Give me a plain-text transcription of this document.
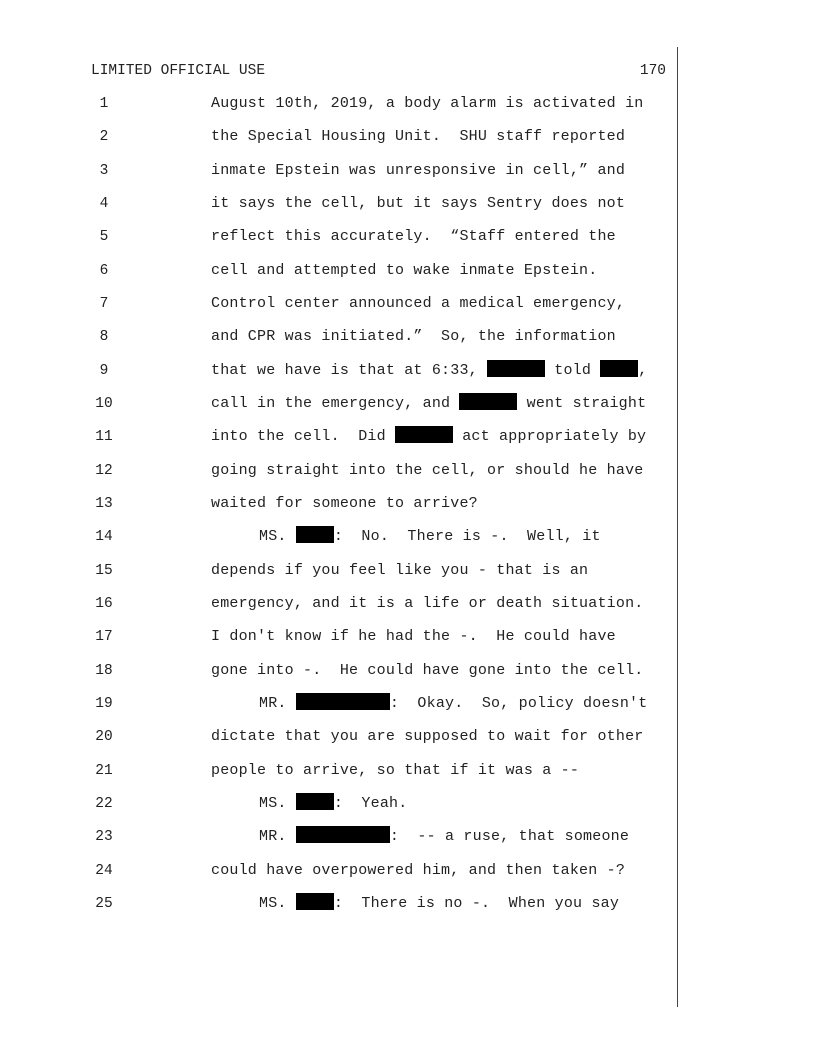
LIMITED OFFICIAL USE	170
1	August 10th, 2019, a body alarm is activated in
2	the Special Housing Unit.  SHU staff reported
3	inmate Epstein was unresponsive in cell,” and
4	it says the cell, but it says Sentry does not
5	reflect this accurately.  “Staff entered the
6	cell and attempted to wake inmate Epstein.
7	Control center announced a medical emergency,
8	and CPR was initiated.”  So, the information
9	that we have is that at 6:33,	told	,
10	call in the emergency, and	went straight
11	into the cell.  Did	act appropriately by
12	going straight into the cell, or should he have
13	waited for someone to arrive?
14	MS.	:  No.  There is -.  Well, it
15	depends if you feel like you - that is an
16	emergency, and it is a life or death situation.
17	I don't know if he had the -.  He could have
18	gone into -.  He could have gone into the cell.
19	MR.	:  Okay.  So, policy doesn't
20	dictate that you are supposed to wait for other
21	people to arrive, so that if it was a --
22	MS.	:  Yeah.
23	MR.	:  -- a ruse, that someone
24	could have overpowered him, and then taken -?
25	MS.	:  There is no -.  When you say
